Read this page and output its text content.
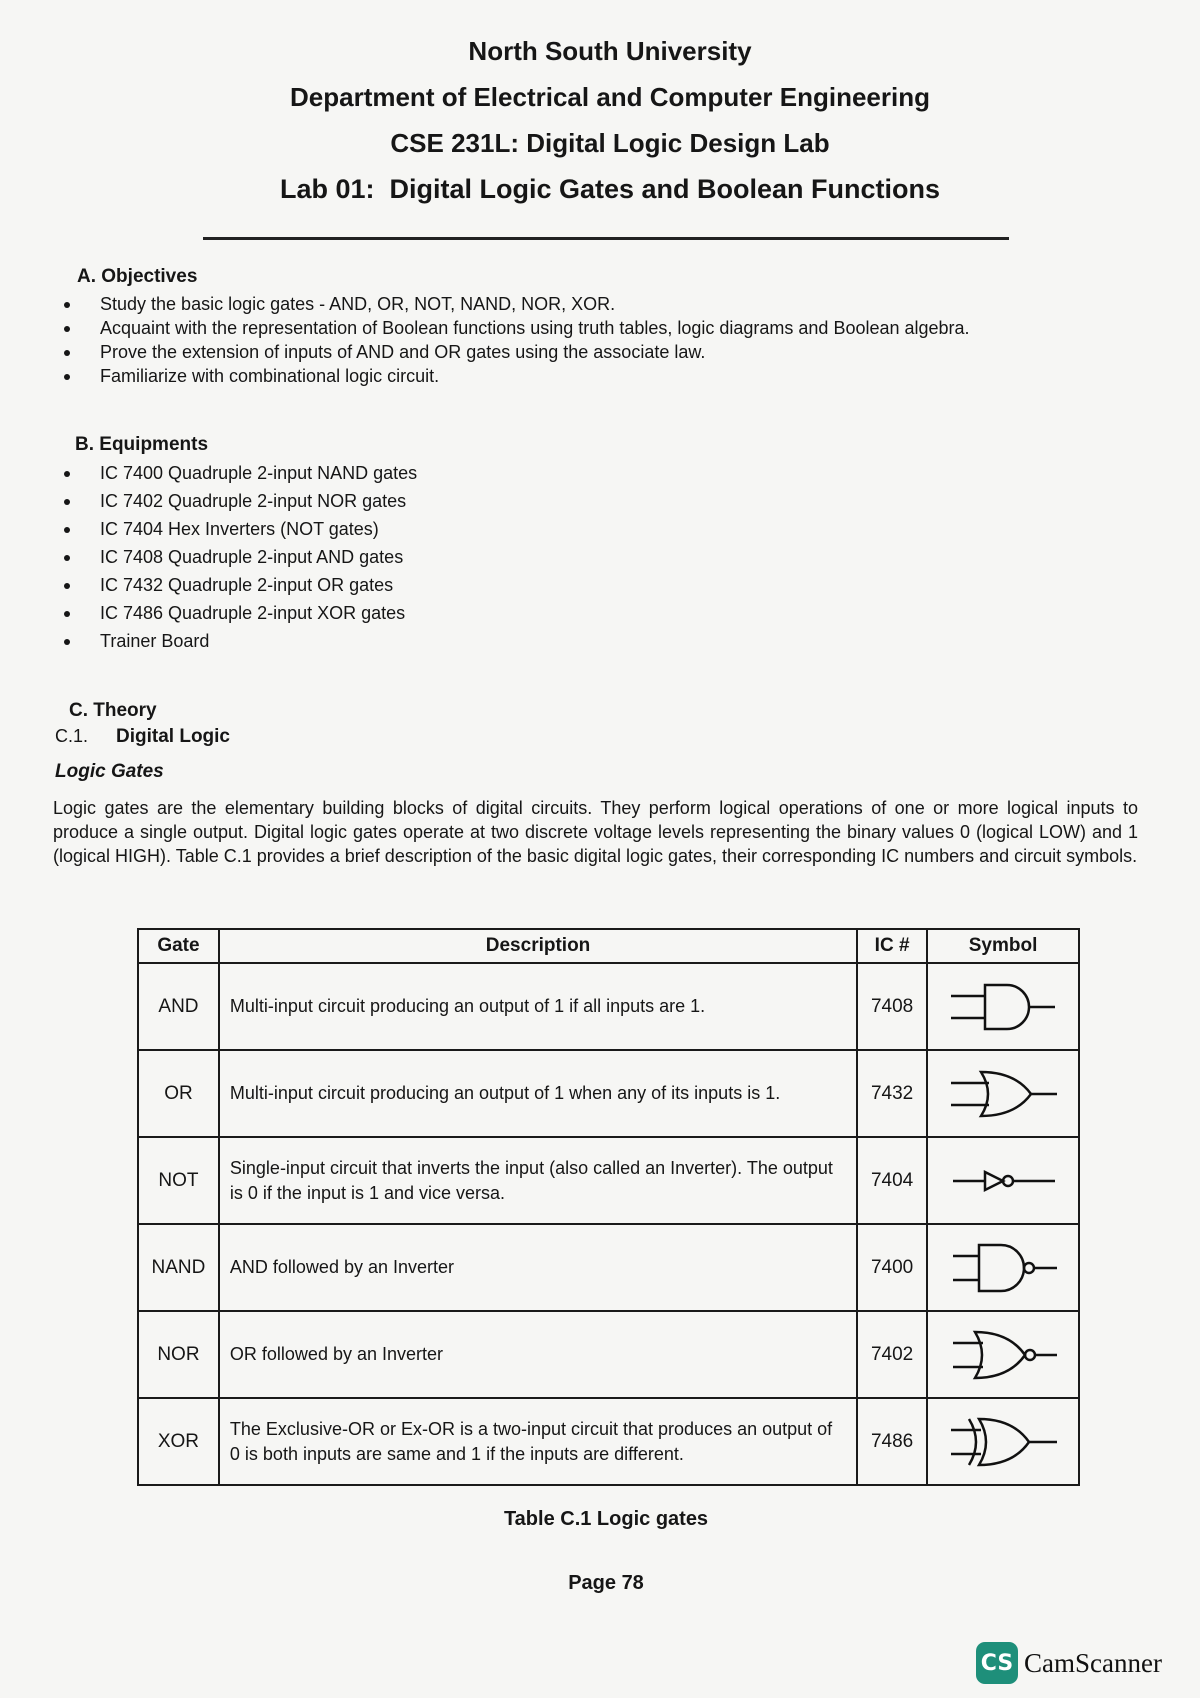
North South University
Department of Electrical and Computer Engineering
CSE 231L: Digital Logic Design Lab
Lab 01:  Digital Logic Gates and Boolean Functions
A. Objectives
Study the basic logic gates - AND, OR, NOT, NAND, NOR, XOR.
Acquaint with the representation of Boolean functions using truth tables, logic diagrams and Boolean algebra.
Prove the extension of inputs of AND and OR gates using the associate law.
Familiarize with combinational logic circuit.
B. Equipments
IC 7400 Quadruple 2-input NAND gates
IC 7402 Quadruple 2-input NOR gates
IC 7404 Hex Inverters (NOT gates)
IC 7408 Quadruple 2-input AND gates
IC 7432 Quadruple 2-input OR gates
IC 7486 Quadruple 2-input XOR gates
Trainer Board
C. Theory
C.1. Digital Logic
Logic Gates

Logic gates are the elementary building blocks of digital circuits. They perform logical operations of one or more logical inputs to produce a single output. Digital logic gates operate at two discrete voltage levels representing the binary values 0 (logical LOW) and 1 (logical HIGH). Table C.1 provides a brief description of the basic digital logic gates, their corresponding IC numbers and circuit symbols.

Gate	Description	IC #	Symbol
AND	Multi-input circuit producing an output of 1 if all inputs are 1.	7408	

OR	Multi-input circuit producing an output of 1 when any of its inputs is 1.	7432	

NOT	Single-input circuit that inverts the input (also called an Inverter). The output is 0 if the input is 1 and vice versa.	7404	

NAND	AND followed by an Inverter	7400	

NOR	OR followed by an Inverter	7402	

XOR	The Exclusive-OR or Ex-OR is a two-input circuit that produces an output of 0 is both inputs are same and 1 if the inputs are different.	7486	
Table C.1 Logic gates
Page 78
CS CamScanner
